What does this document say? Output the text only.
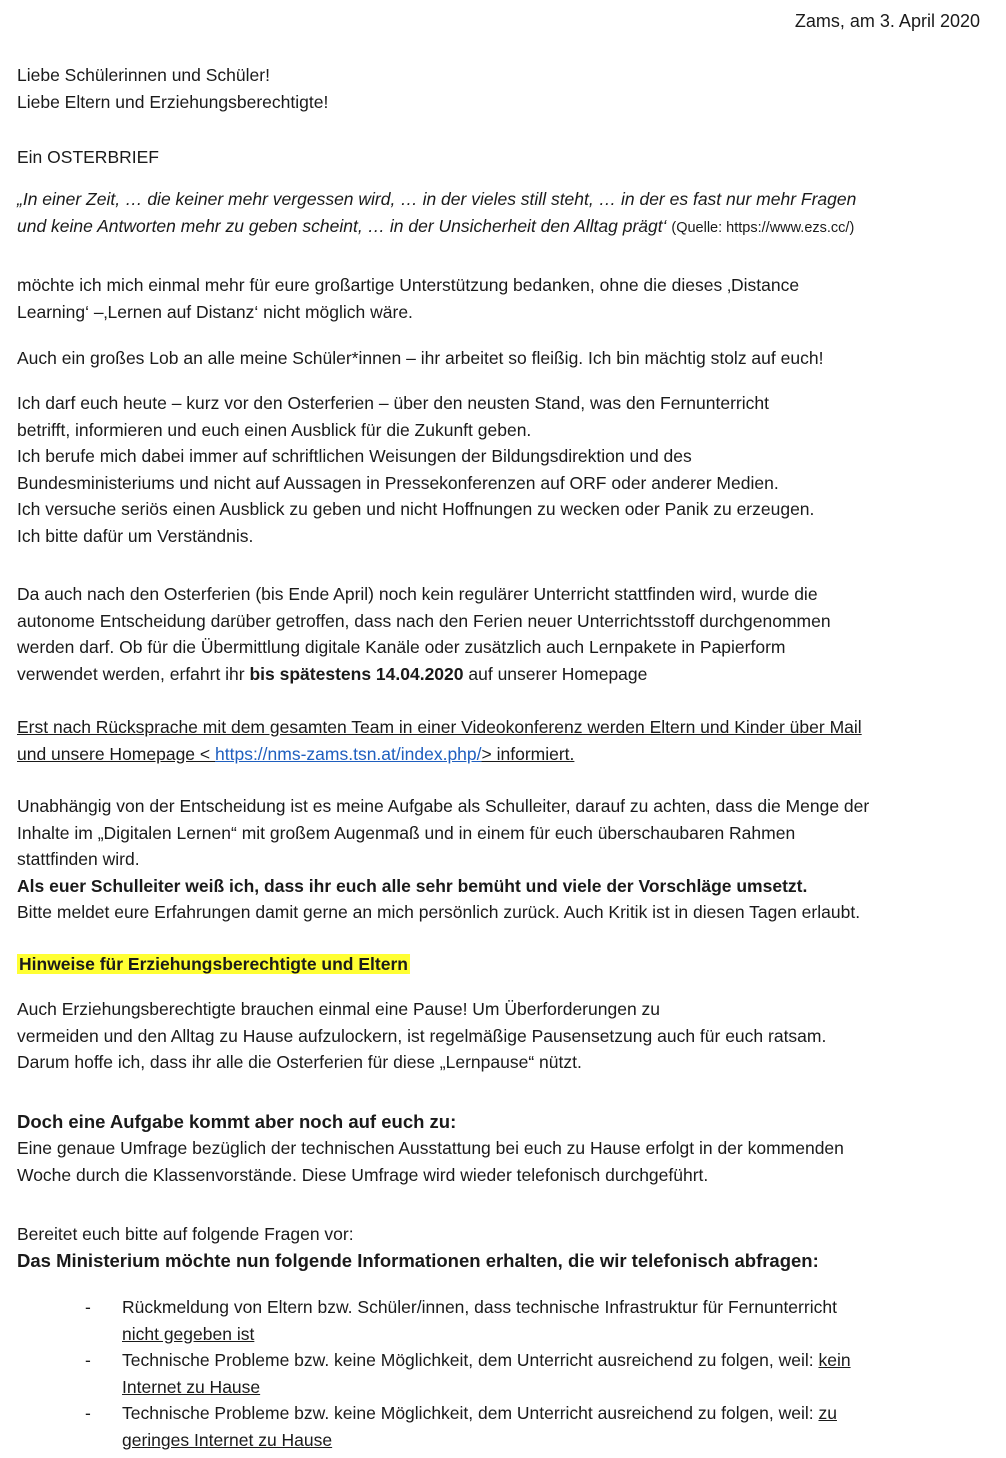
Zams, am 3. April 2020

Liebe Schülerinnen und Schüler!

Liebe Eltern und Erziehungsberechtigte!

Ein OSTERBRIEF

„In einer Zeit, … die keiner mehr vergessen wird, … in der vieles still steht, … in der es fast nur mehr Fragen

und keine Antworten mehr zu geben scheint, … in der Unsicherheit den Alltag prägt‘ (Quelle: https://www.ezs.cc/)

möchte ich mich einmal mehr für eure großartige Unterstützung bedanken, ohne die dieses ‚Distance

Learning‘ –‚Lernen auf Distanz‘ nicht möglich wäre.

Auch ein großes Lob an alle meine Schüler*innen – ihr arbeitet so fleißig. Ich bin mächtig stolz auf euch!

Ich darf euch heute – kurz vor den Osterferien – über den neusten Stand, was den Fernunterricht

betrifft, informieren und euch einen Ausblick für die Zukunft geben.

Ich berufe mich dabei immer auf schriftlichen Weisungen der Bildungsdirektion und des

Bundesministeriums und nicht auf Aussagen in Pressekonferenzen auf ORF oder anderer Medien.

Ich versuche seriös einen Ausblick zu geben und nicht Hoffnungen zu wecken oder Panik zu erzeugen.

Ich bitte dafür um Verständnis.

Da auch nach den Osterferien (bis Ende April) noch kein regulärer Unterricht stattfinden wird, wurde die

autonome Entscheidung darüber getroffen, dass nach den Ferien neuer Unterrichtsstoff durchgenommen

werden darf. Ob für die Übermittlung digitale Kanäle oder zusätzlich auch Lernpakete in Papierform

verwendet werden, erfahrt ihr bis spätestens 14.04.2020 auf unserer Homepage

Erst nach Rücksprache mit dem gesamten Team in einer Videokonferenz werden Eltern und Kinder über Mail

und unsere Homepage < https://nms-zams.tsn.at/index.php/> informiert.

Unabhängig von der Entscheidung ist es meine Aufgabe als Schulleiter, darauf zu achten, dass die Menge der

Inhalte im „Digitalen Lernen“ mit großem Augenmaß und in einem für euch überschaubaren Rahmen

stattfinden wird.

Als euer Schulleiter weiß ich, dass ihr euch alle sehr bemüht und viele der Vorschläge umsetzt.

Bitte meldet eure Erfahrungen damit gerne an mich persönlich zurück. Auch Kritik ist in diesen Tagen erlaubt.

Hinweise für Erziehungsberechtigte und Eltern

Auch Erziehungsberechtigte brauchen einmal eine Pause! Um Überforderungen zu

vermeiden und den Alltag zu Hause aufzulockern, ist regelmäßige Pausensetzung auch für euch ratsam.

Darum hoffe ich, dass ihr alle die Osterferien für diese „Lernpause“ nützt.

Doch eine Aufgabe kommt aber noch auf euch zu:

Eine genaue Umfrage bezüglich der technischen Ausstattung bei euch zu Hause erfolgt in der kommenden

Woche durch die Klassenvorstände. Diese Umfrage wird wieder telefonisch durchgeführt.

Bereitet euch bitte auf folgende Fragen vor:

Das Ministerium möchte nun folgende Informationen erhalten, die wir telefonisch abfragen:

- Rückmeldung von Eltern bzw. Schüler/innen, dass technische Infrastruktur für Fernunterricht
nicht gegeben ist
- Technische Probleme bzw. keine Möglichkeit, dem Unterricht ausreichend zu folgen, weil: kein
Internet zu Hause
- Technische Probleme bzw. keine Möglichkeit, dem Unterricht ausreichend zu folgen, weil: zu
geringes Internet zu Hause
